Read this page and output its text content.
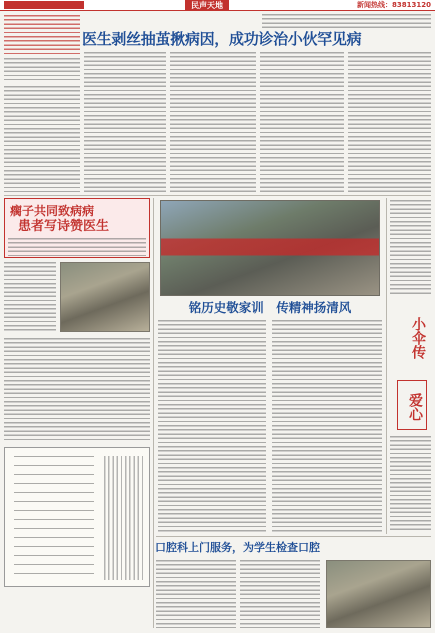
民声天地	新闻热线：83813120
医生剥丝抽茧揪病因，成功诊治小伙罕见病
瘸子共同致病病
患者写诗赞医生
铭历史敬家训　传精神扬清风
小伞传
爱心
口腔科上门服务，为学生检查口腔
